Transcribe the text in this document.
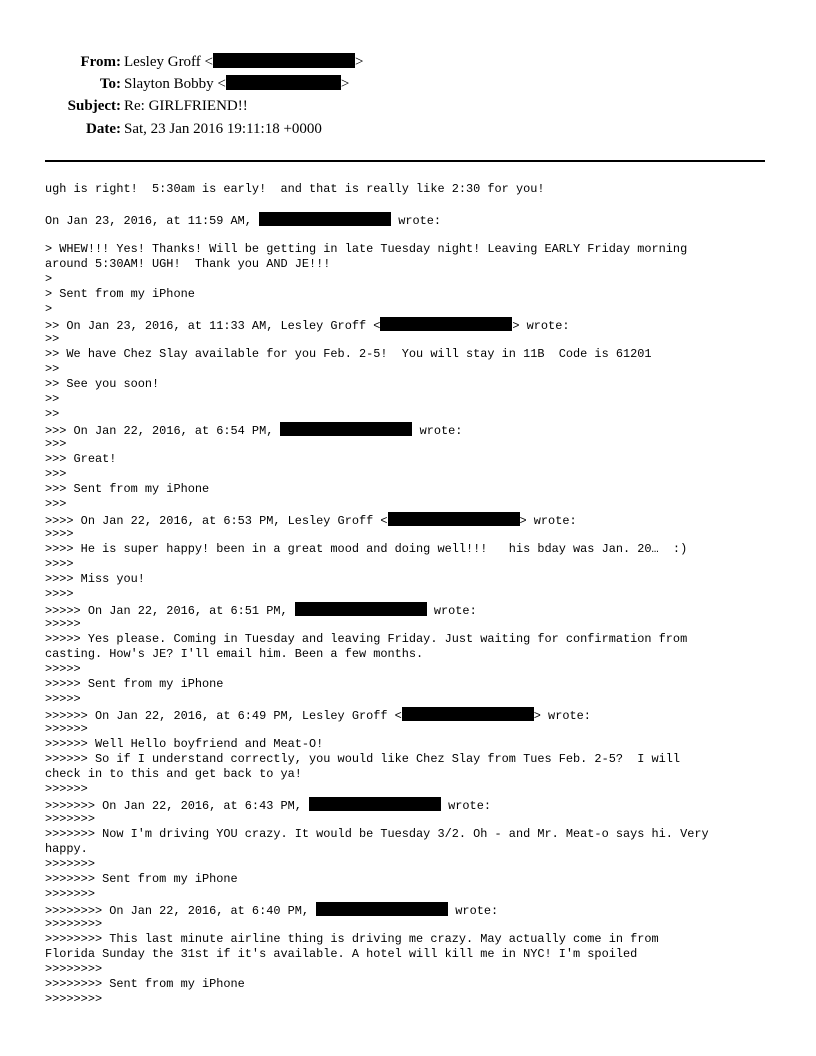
From: Lesley Groff <	>
To: Slayton Bobby <	>
Subject: Re: GIRLFRIEND!!
Date: Sat, 23 Jan 2016 19:11:18 +0000
ugh is right!  5:30am is early!  and that is really like 2:30 for you!
On Jan 23, 2016, at 11:59 AM,	wrote:
> WHEW!!! Yes! Thanks! Will be getting in late Tuesday night! Leaving EARLY Friday morning
around 5:30AM! UGH!  Thank you AND JE!!!
>
> Sent from my iPhone
>
>> On Jan 23, 2016, at 11:33 AM, Lesley Groff <	> wrote:
>>
>> We have Chez Slay available for you Feb. 2-5!  You will stay in 11B  Code is 61201
>>
>> See you soon!
>>
>>
>>> On Jan 22, 2016, at 6:54 PM,	wrote:
>>>
>>> Great!
>>>
>>> Sent from my iPhone
>>>
>>>> On Jan 22, 2016, at 6:53 PM, Lesley Groff <	> wrote:
>>>>
>>>> He is super happy! been in a great mood and doing well!!!   his bday was Jan. 20…  :)
>>>>
>>>> Miss you!
>>>>
>>>>> On Jan 22, 2016, at 6:51 PM,	wrote:
>>>>>
>>>>> Yes please. Coming in Tuesday and leaving Friday. Just waiting for confirmation from
casting. How's JE? I'll email him. Been a few months.
>>>>>
>>>>> Sent from my iPhone
>>>>>
>>>>>> On Jan 22, 2016, at 6:49 PM, Lesley Groff <	> wrote:
>>>>>>
>>>>>> Well Hello boyfriend and Meat-O!
>>>>>> So if I understand correctly, you would like Chez Slay from Tues Feb. 2-5?  I will
check in to this and get back to ya!
>>>>>>
>>>>>>> On Jan 22, 2016, at 6:43 PM,	wrote:
>>>>>>>
>>>>>>> Now I'm driving YOU crazy. It would be Tuesday 3/2. Oh - and Mr. Meat-o says hi. Very
happy.
>>>>>>>
>>>>>>> Sent from my iPhone
>>>>>>>
>>>>>>>> On Jan 22, 2016, at 6:40 PM,	wrote:
>>>>>>>>
>>>>>>>> This last minute airline thing is driving me crazy. May actually come in from
Florida Sunday the 31st if it's available. A hotel will kill me in NYC! I'm spoiled
>>>>>>>>
>>>>>>>> Sent from my iPhone
>>>>>>>>
